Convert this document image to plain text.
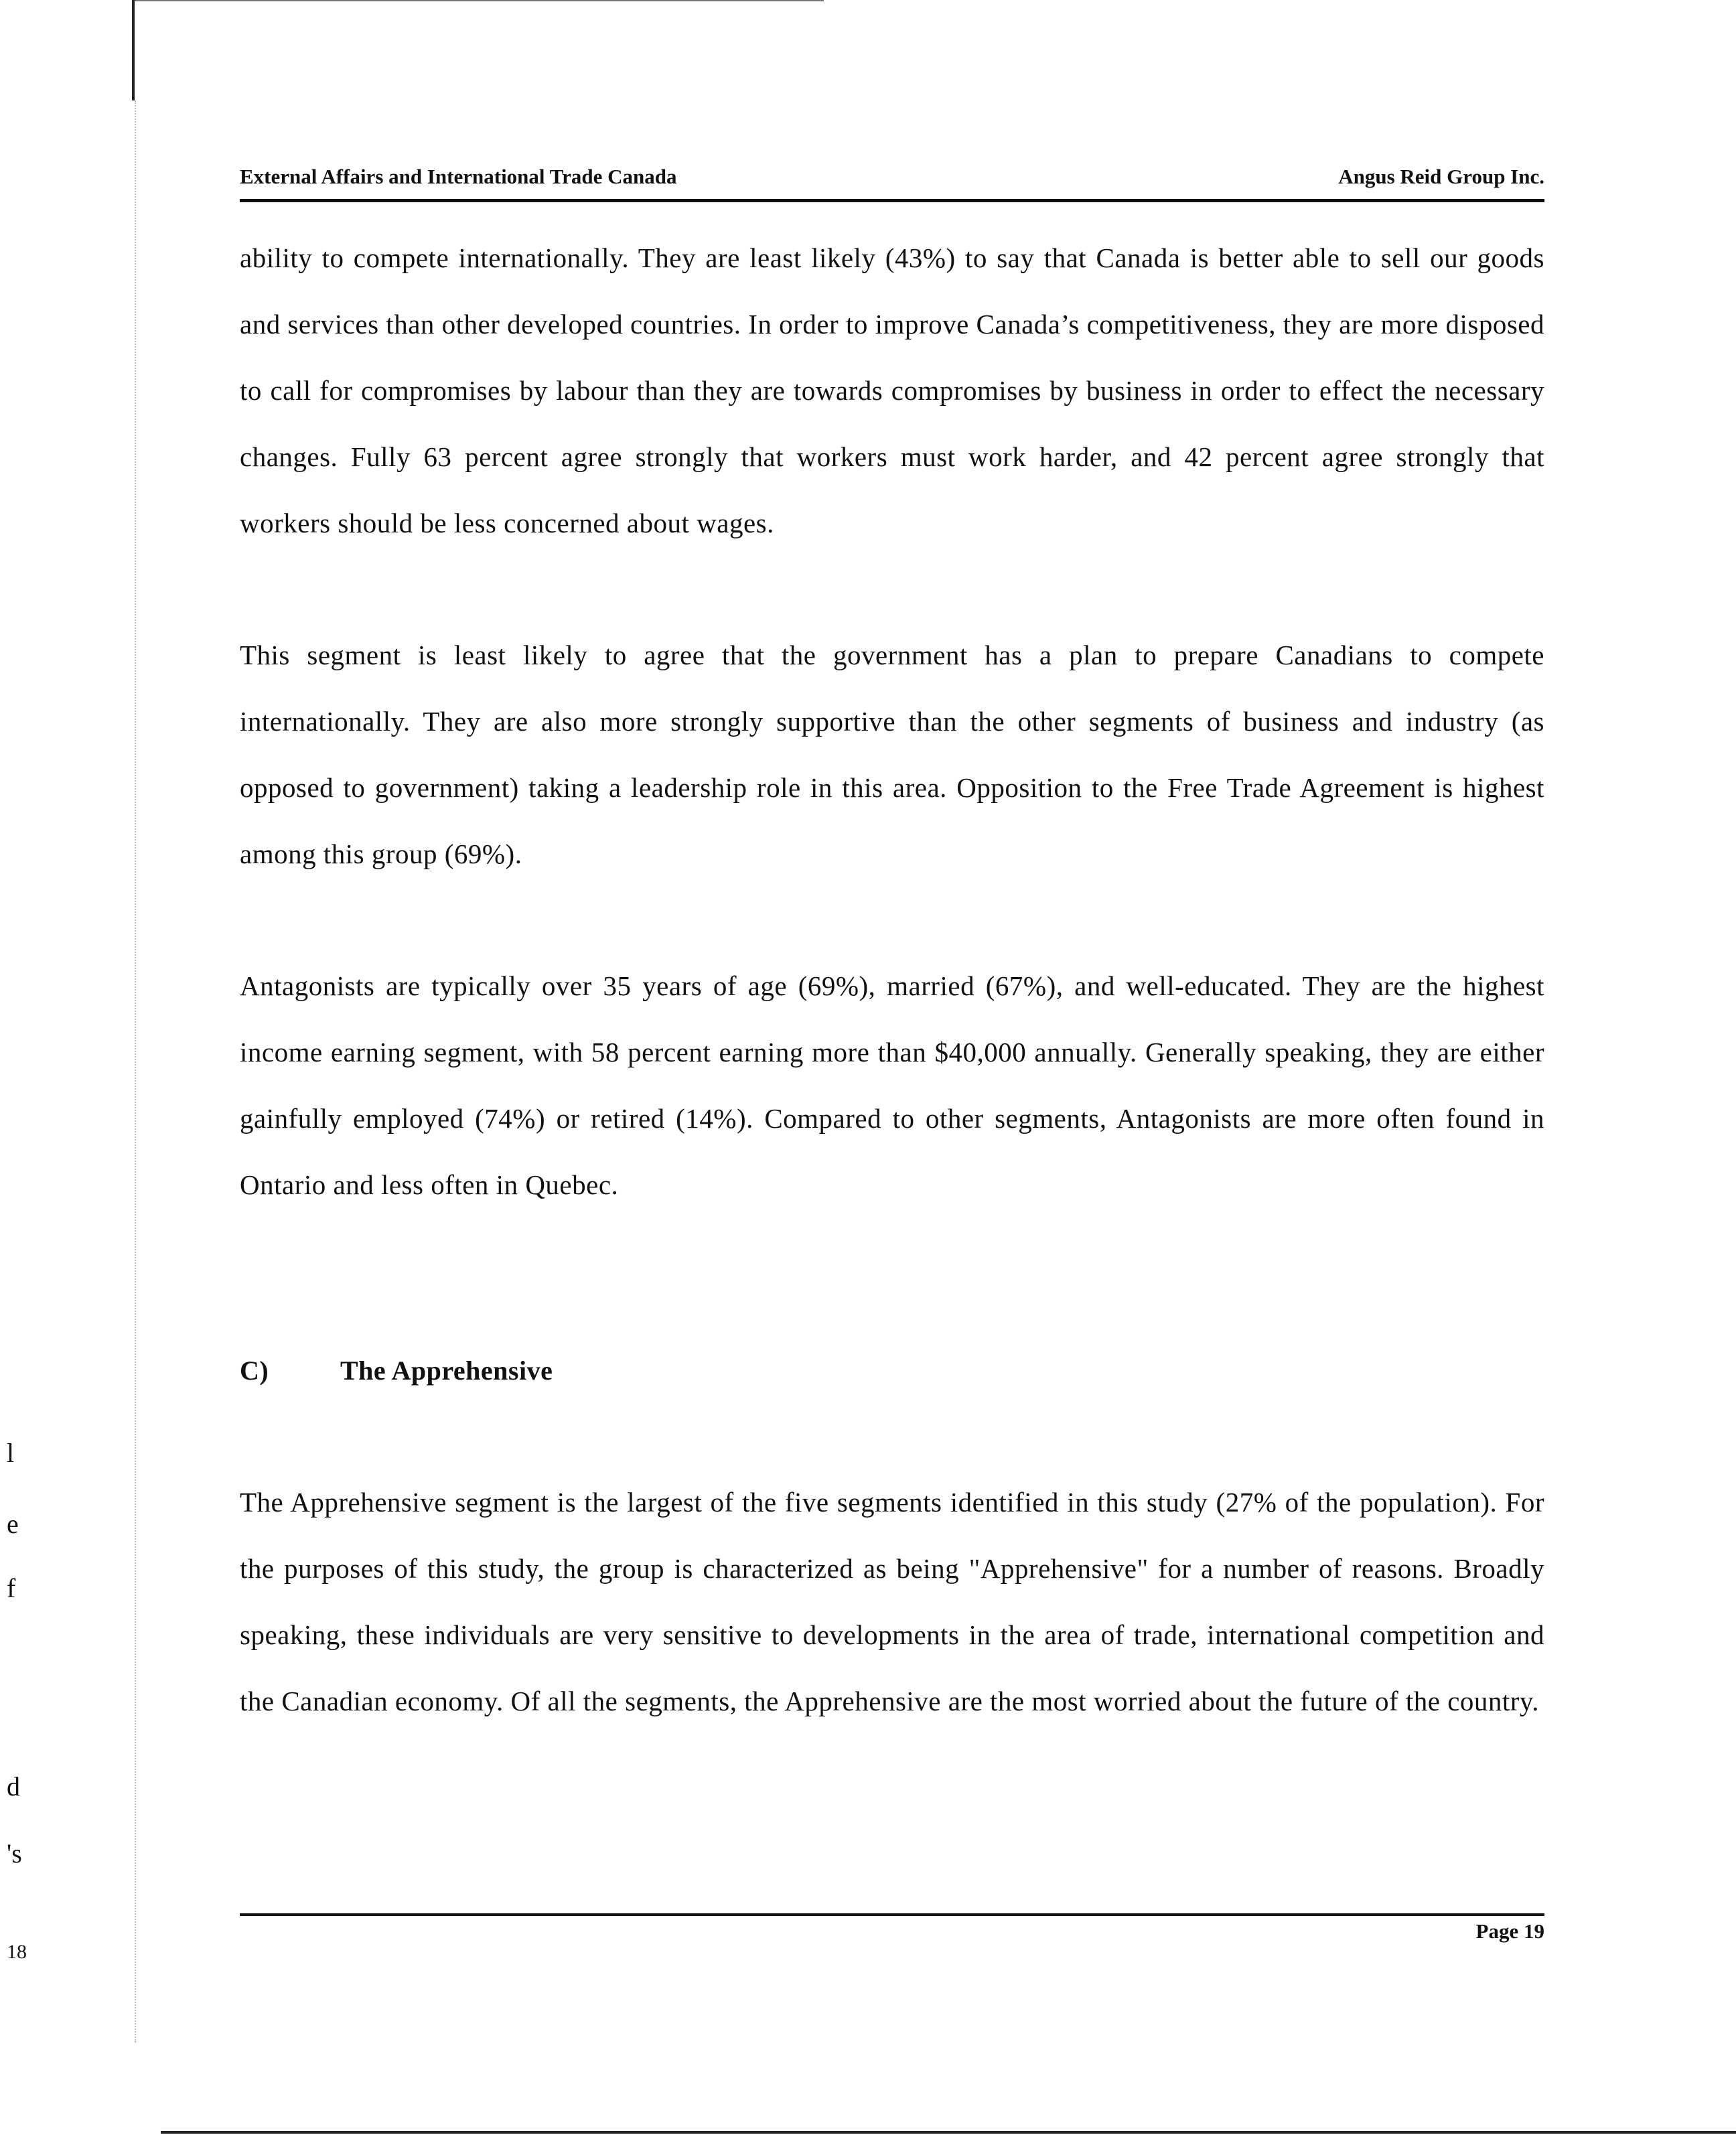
l
e
f
d
's
18
External Affairs and International Trade Canada	Angus Reid Group Inc.

ability to compete internationally. They are least likely (43%) to say that Canada is better able to sell our goods and services than other developed countries. In order to improve Canada’s competitiveness, they are more disposed to call for compromises by labour than they are towards compromises by business in order to effect the necessary changes. Fully 63 percent agree strongly that workers must work harder, and 42 percent agree strongly that workers should be less concerned about wages.

This segment is least likely to agree that the government has a plan to prepare Canadians to compete internationally. They are also more strongly supportive than the other segments of business and industry (as opposed to government) taking a leadership role in this area. Opposition to the Free Trade Agreement is highest among this group (69%).

Antagonists are typically over 35 years of age (69%), married (67%), and well-educated. They are the highest income earning segment, with 58 percent earning more than $40,000 annually. Generally speaking, they are either gainfully employed (74%) or retired (14%). Compared to other segments, Antagonists are more often found in Ontario and less often in Quebec.

C)	The Apprehensive

The Apprehensive segment is the largest of the five segments identified in this study (27% of the population). For the purposes of this study, the group is characterized as being "Apprehensive" for a number of reasons. Broadly speaking, these individuals are very sensitive to developments in the area of trade, international competition and the Canadian economy. Of all the segments, the Apprehensive are the most worried about the future of the country.

Page 19
